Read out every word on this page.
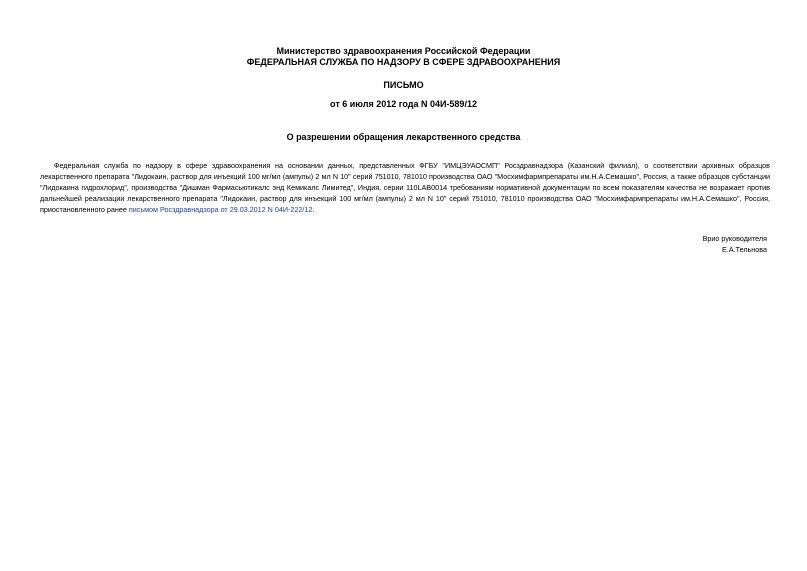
Министерство здравоохранения Российской Федерации
ФЕДЕРАЛЬНАЯ СЛУЖБА ПО НАДЗОРУ В СФЕРЕ ЗДРАВООХРАНЕНИЯ
ПИСЬМО
от 6 июля 2012 года N 04И-589/12
О разрешении обращения лекарственного средства
Федеральная служба по надзору в сфере здравоохранения на основании данных, представленных ФГБУ "ИМЦЭУАОСМП" Росздравнадзора (Казанский филиал), о соответствии архивных образцов лекарственного препарата "Лидокаин, раствор для инъекций 100 мг/мл (ампулы) 2 мл N 10" серий 751010, 781010 производства ОАО "Мосхимфармпрепараты им.Н.А.Семашко", Россия, а также образцов субстанции "Лидокаина гидрохлорид", производства "Дишман Фармасьютикалс энд Кемикалс Лимитед", Индия, серии 110LAB0014 требованиям нормативной документации по всем показателям качества не возражает против дальнейшей реализации лекарственного препарата "Лидокаин, раствор для инъекций 100 мг/мл (ампулы) 2 мл N 10" серий 751010, 781010 производства ОАО "Мосхимфармпрепараты им.Н.А.Семашко", Россия, приостановленного ранее письмом Росздравнадзора от 29.03.2012 N 04И-222/12.
Врио руководителя
Е.А.Тельнова
